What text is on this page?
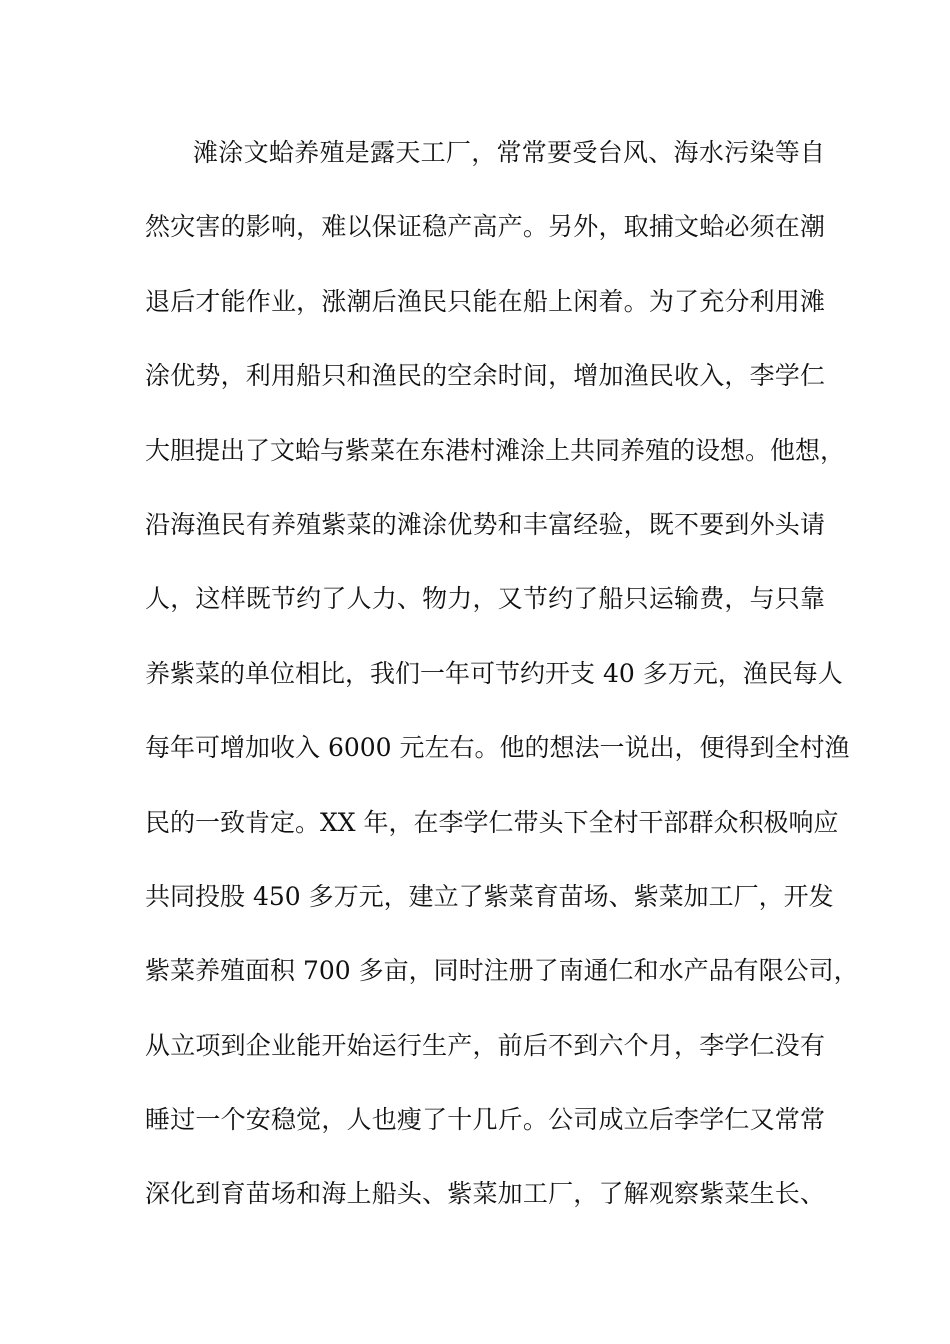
滩涂文蛤养殖是露天工厂，常常要受台风、海水污染等自
然灾害的影响，难以保证稳产高产。另外，取捕文蛤必须在潮
退后才能作业，涨潮后渔民只能在船上闲着。为了充分利用滩
涂优势，利用船只和渔民的空余时间，增加渔民收入，李学仁
大胆提出了文蛤与紫菜在东港村滩涂上共同养殖的设想。他想，
沿海渔民有养殖紫菜的滩涂优势和丰富经验，既不要到外头请
人，这样既节约了人力、物力，又节约了船只运输费，与只靠
养紫菜的单位相比，我们一年可节约开支 40 多万元，渔民每人
每年可增加收入 6000 元左右。他的想法一说出，便得到全村渔
民的一致肯定。XX 年，在李学仁带头下全村干部群众积极响应
共同投股 450 多万元，建立了紫菜育苗场、紫菜加工厂，开发
紫菜养殖面积 700 多亩，同时注册了南通仁和水产品有限公司，
从立项到企业能开始运行生产，前后不到六个月，李学仁没有
睡过一个安稳觉，人也瘦了十几斤。公司成立后李学仁又常常
深化到育苗场和海上船头、紫菜加工厂，了解观察紫菜生长、
